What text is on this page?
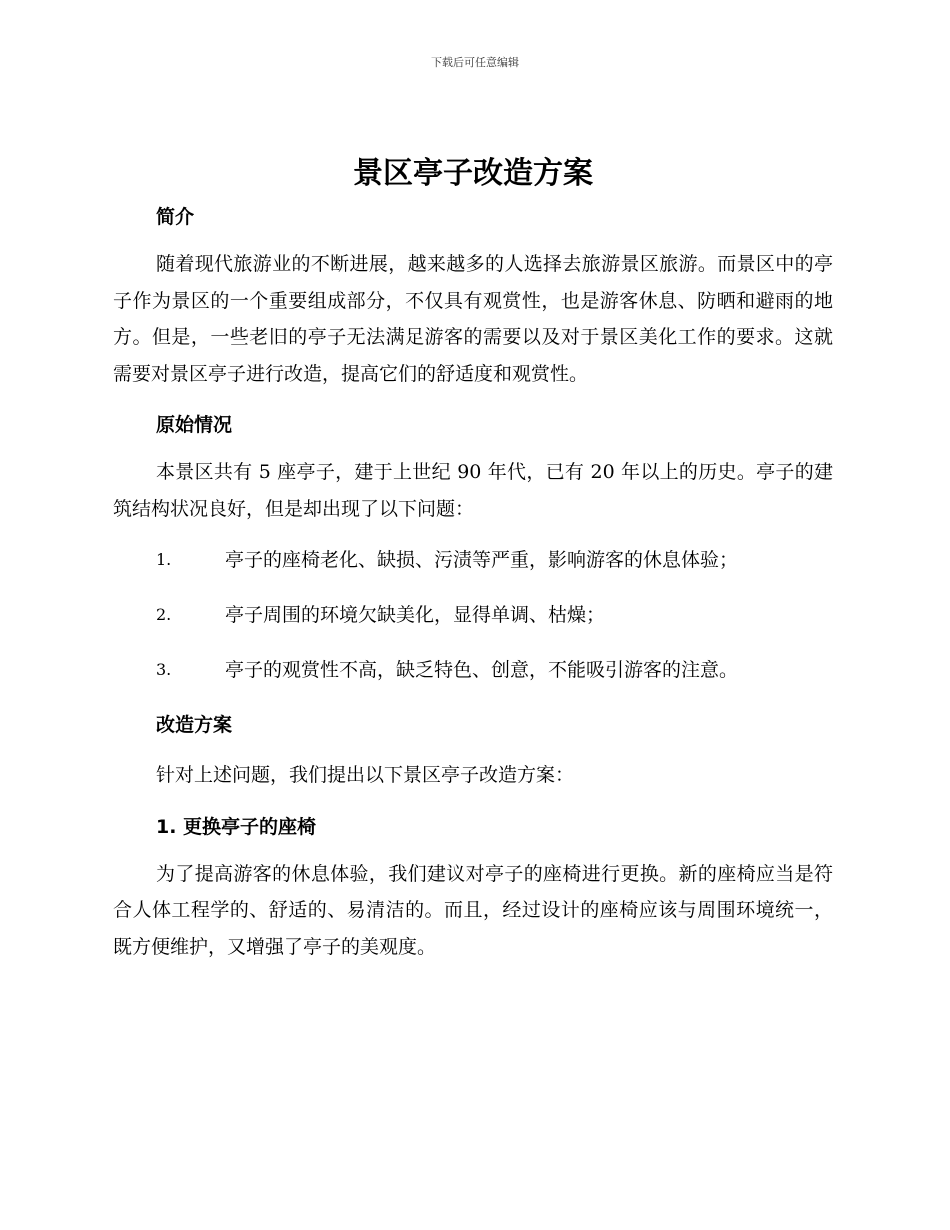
下载后可任意编辑
景区亭子改造方案
简介

随着现代旅游业的不断进展，越来越多的人选择去旅游景区旅游。而景区中的亭子作为景区的一个重要组成部分，不仅具有观赏性，也是游客休息、防晒和避雨的地方。但是，一些老旧的亭子无法满足游客的需要以及对于景区美化工作的要求。这就需要对景区亭子进行改造，提高它们的舒适度和观赏性。

原始情况

本景区共有 5 座亭子，建于上世纪 90 年代，已有 20 年以上的历史。亭子的建筑结构状况良好，但是却出现了以下问题：

1.	亭子的座椅老化、缺损、污渍等严重，影响游客的休息体验；
2.	亭子周围的环境欠缺美化，显得单调、枯燥；
3.	亭子的观赏性不高，缺乏特色、创意，不能吸引游客的注意。
改造方案

针对上述问题，我们提出以下景区亭子改造方案：

1. 更换亭子的座椅

为了提高游客的休息体验，我们建议对亭子的座椅进行更换。新的座椅应当是符合人体工程学的、舒适的、易清洁的。而且，经过设计的座椅应该与周围环境统一，既方便维护，又增强了亭子的美观度。
